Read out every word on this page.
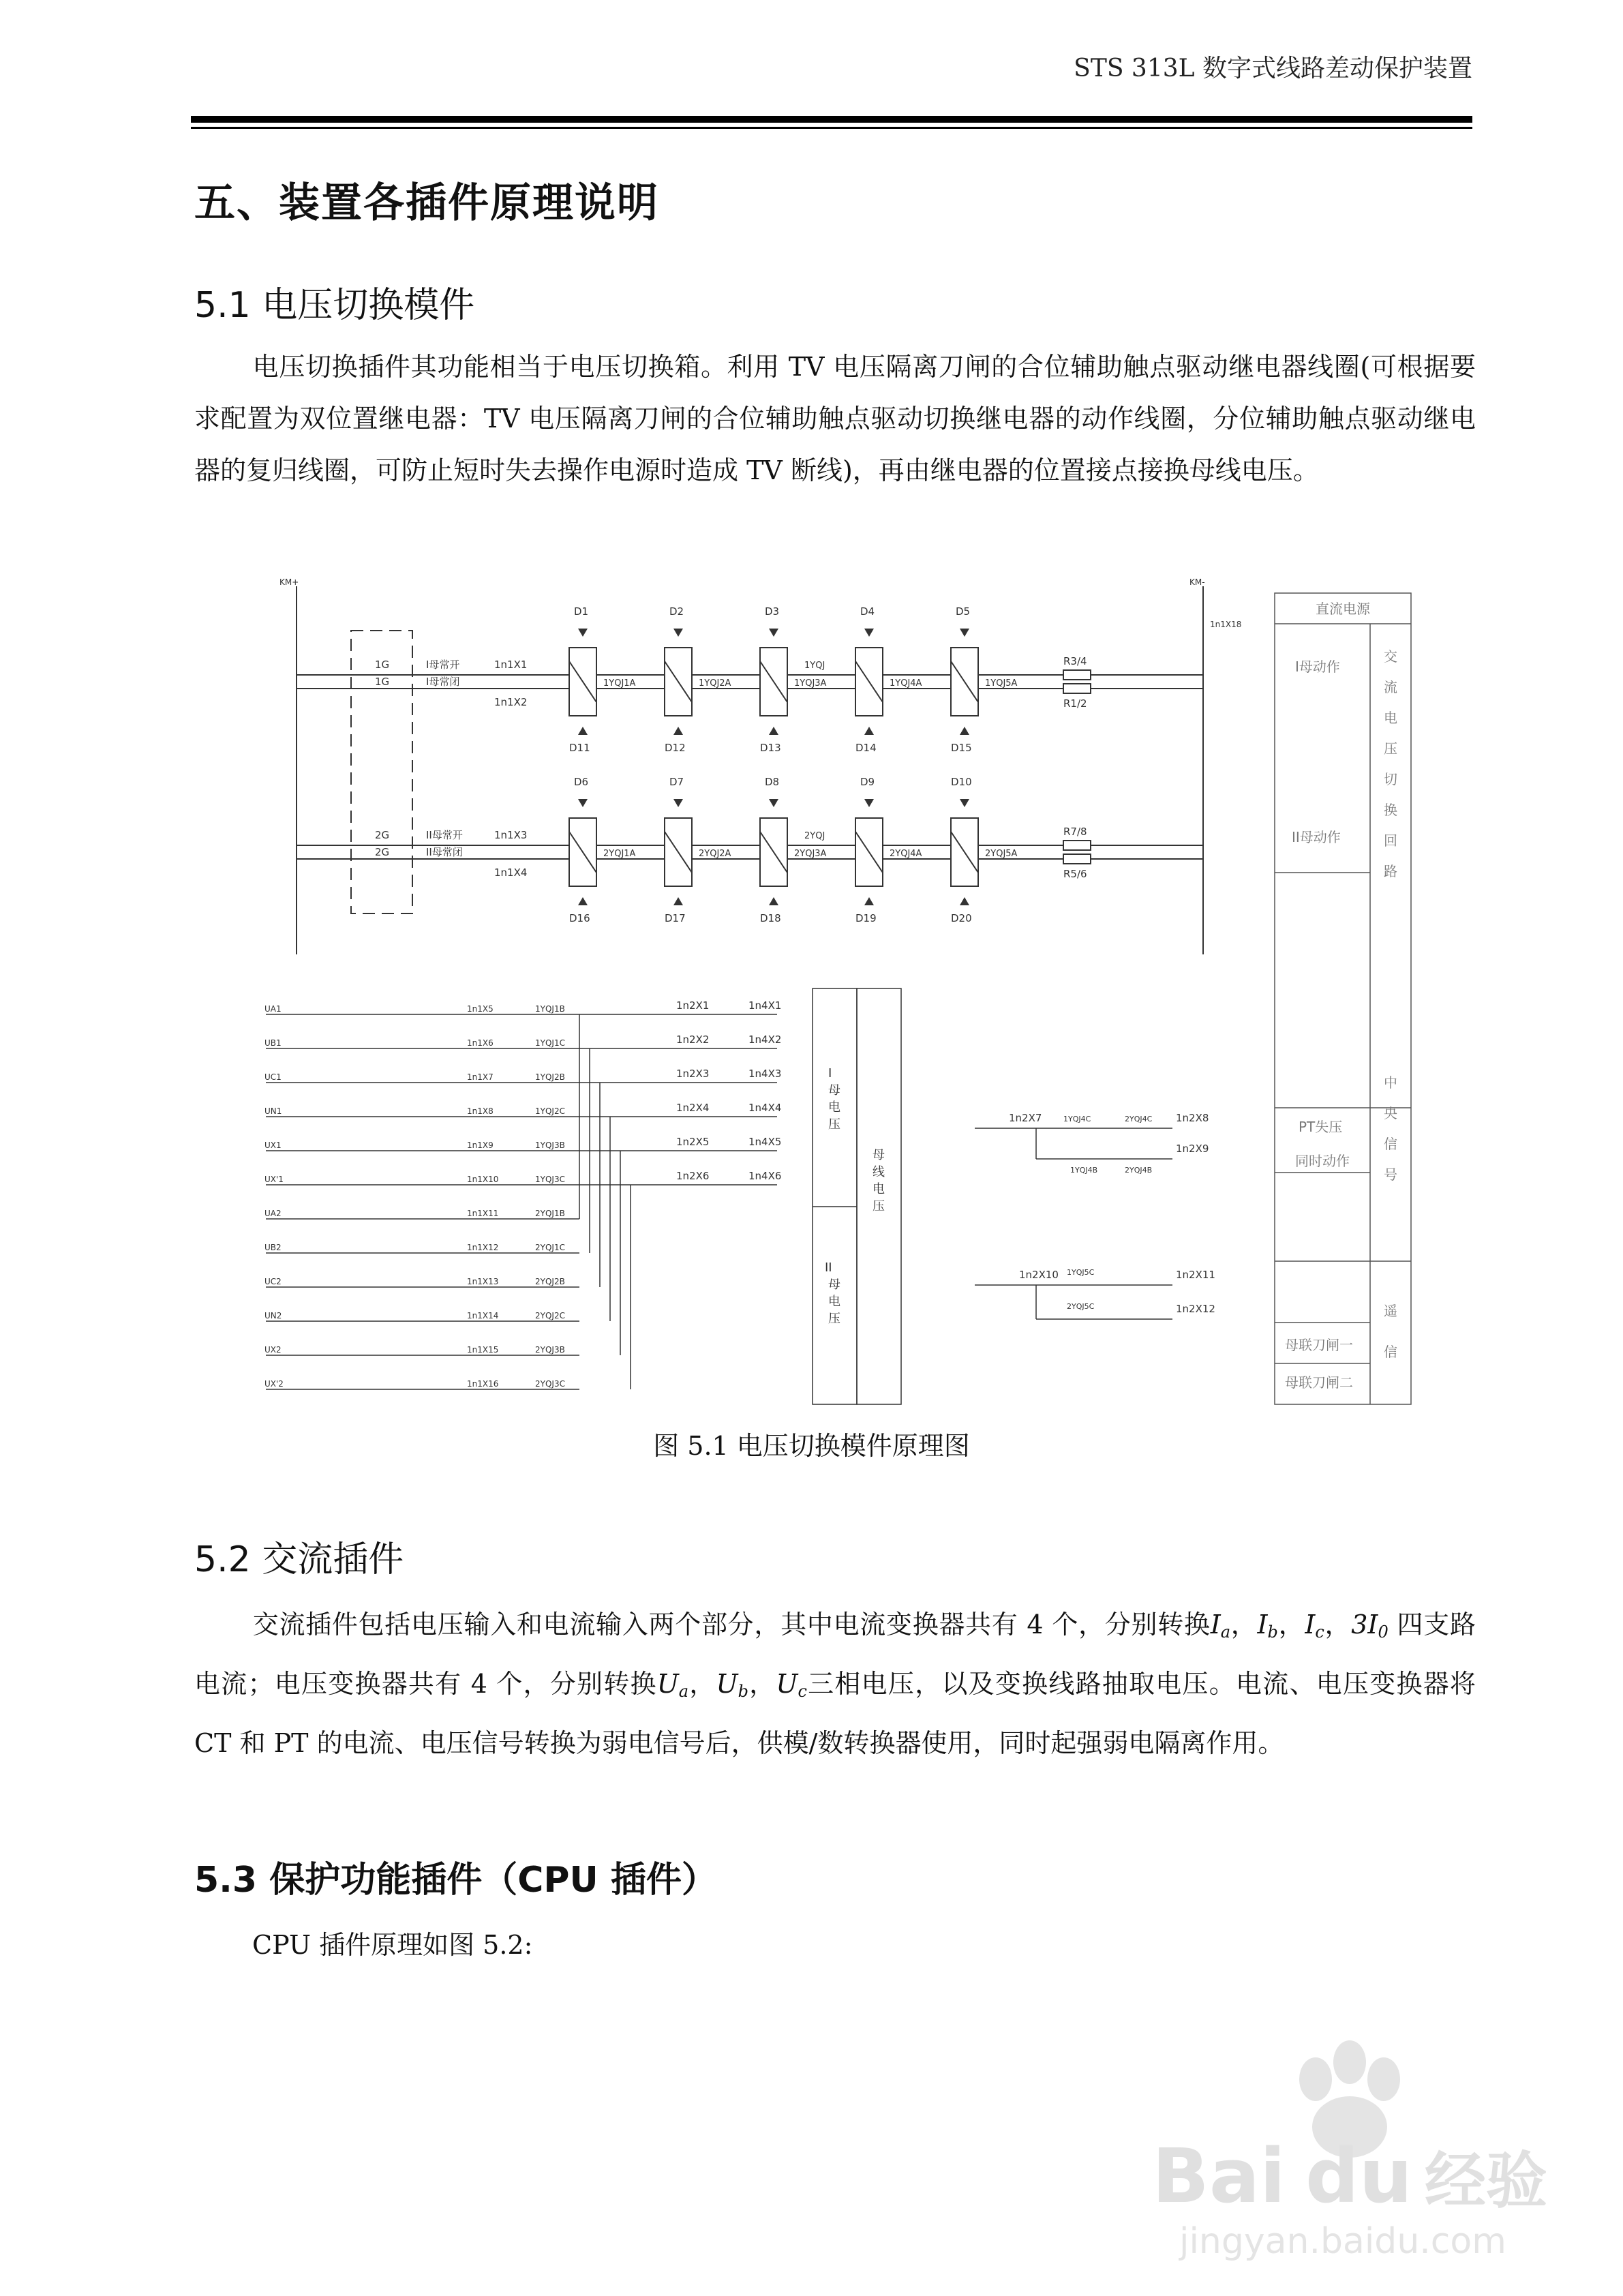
STS 313L 数字式线路差动保护装置
五、装置各插件原理说明
5.1 电压切换模件

电压切换插件其功能相当于电压切换箱。利用 TV 电压隔离刀闸的合位辅助触点驱动继电器线圈(可根据要求配置为双位置继电器：TV 电压隔离刀闸的合位辅助触点驱动切换继电器的动作线圈，分位辅助触点驱动继电器的复归线圈，可防止短时失去操作电源时造成 TV 断线)，再由继电器的位置接点接换母线电压。

KM+	KM-
1n1X18
1G
1G
I母常开
I母常闭
1n1X1
1n1X2
D1	D2	D3	D4	D5
D11	D12	D13	D14	D15
1YQJ1A	1YQJ2A	1YQJ3A	1YQJ4A	1YQJ5A
1YQJ	R3/4
R1/2
2G
2G
II母常开
II母常闭
1n1X3
1n1X4
D6	D7	D8	D9	D10
D16	D17	D18	D19	D20
2YQJ1A	2YQJ2A	2YQJ3A	2YQJ4A	2YQJ5A
2YQJ	R7/8
R5/6
UA1
UB1
UC1
UN1
UX1
UX'1
UA2
UB2
UC2
UN2
UX2
UX'2
1n1X5
1n1X6
1n1X7
1n1X8
1n1X9
1n1X10
1n1X11
1n1X12
1n1X13
1n1X14
1n1X15
1n1X16
1YQJ1B
1YQJ1C
1YQJ2B
1YQJ2C
1YQJ3B
1YQJ3C
2YQJ1B
2YQJ1C
2YQJ2B
2YQJ2C
2YQJ3B
2YQJ3C
1n2X1
1n2X2
1n2X3
1n2X4
1n2X5
1n2X6
1n4X1
1n4X2
1n4X3
1n4X4
1n4X5
1n4X6
I
母
电
压
II
母
电
压
母
线
电
压
1n2X7	1YQJ4C	2YQJ4C 1n2X8
1YQJ4B	2YQJ4B
1n2X9
1n2X10 1YQJ5C
2YQJ5C
1n2X11
1n2X12
直流电源
I母动作
II母动作
交
流
电
压
切
换
回
路
PT失压
同时动作
中
央
信
号
母联刀闸一
母联刀闸二
遥
信
图 5.1 电压切换模件原理图
5.2 交流插件

交流插件包括电压输入和电流输入两个部分，其中电流变换器共有 4 个，分别转换$I_a$，$I_b$，$I_c$，$3I_0$ 四支路电流；电压变换器共有 4 个，分别转换$U_a$，$U_b$，$U_c$三相电压，以及变换线路抽取电压。电流、电压变换器将 CT 和 PT 的电流、电压信号转换为弱电信号后，供模/数转换器使用，同时起强弱电隔离作用。

5.3 保护功能插件（CPU 插件）

CPU 插件原理如图 5.2:

Bai du 经验
jingyan.baidu.com
